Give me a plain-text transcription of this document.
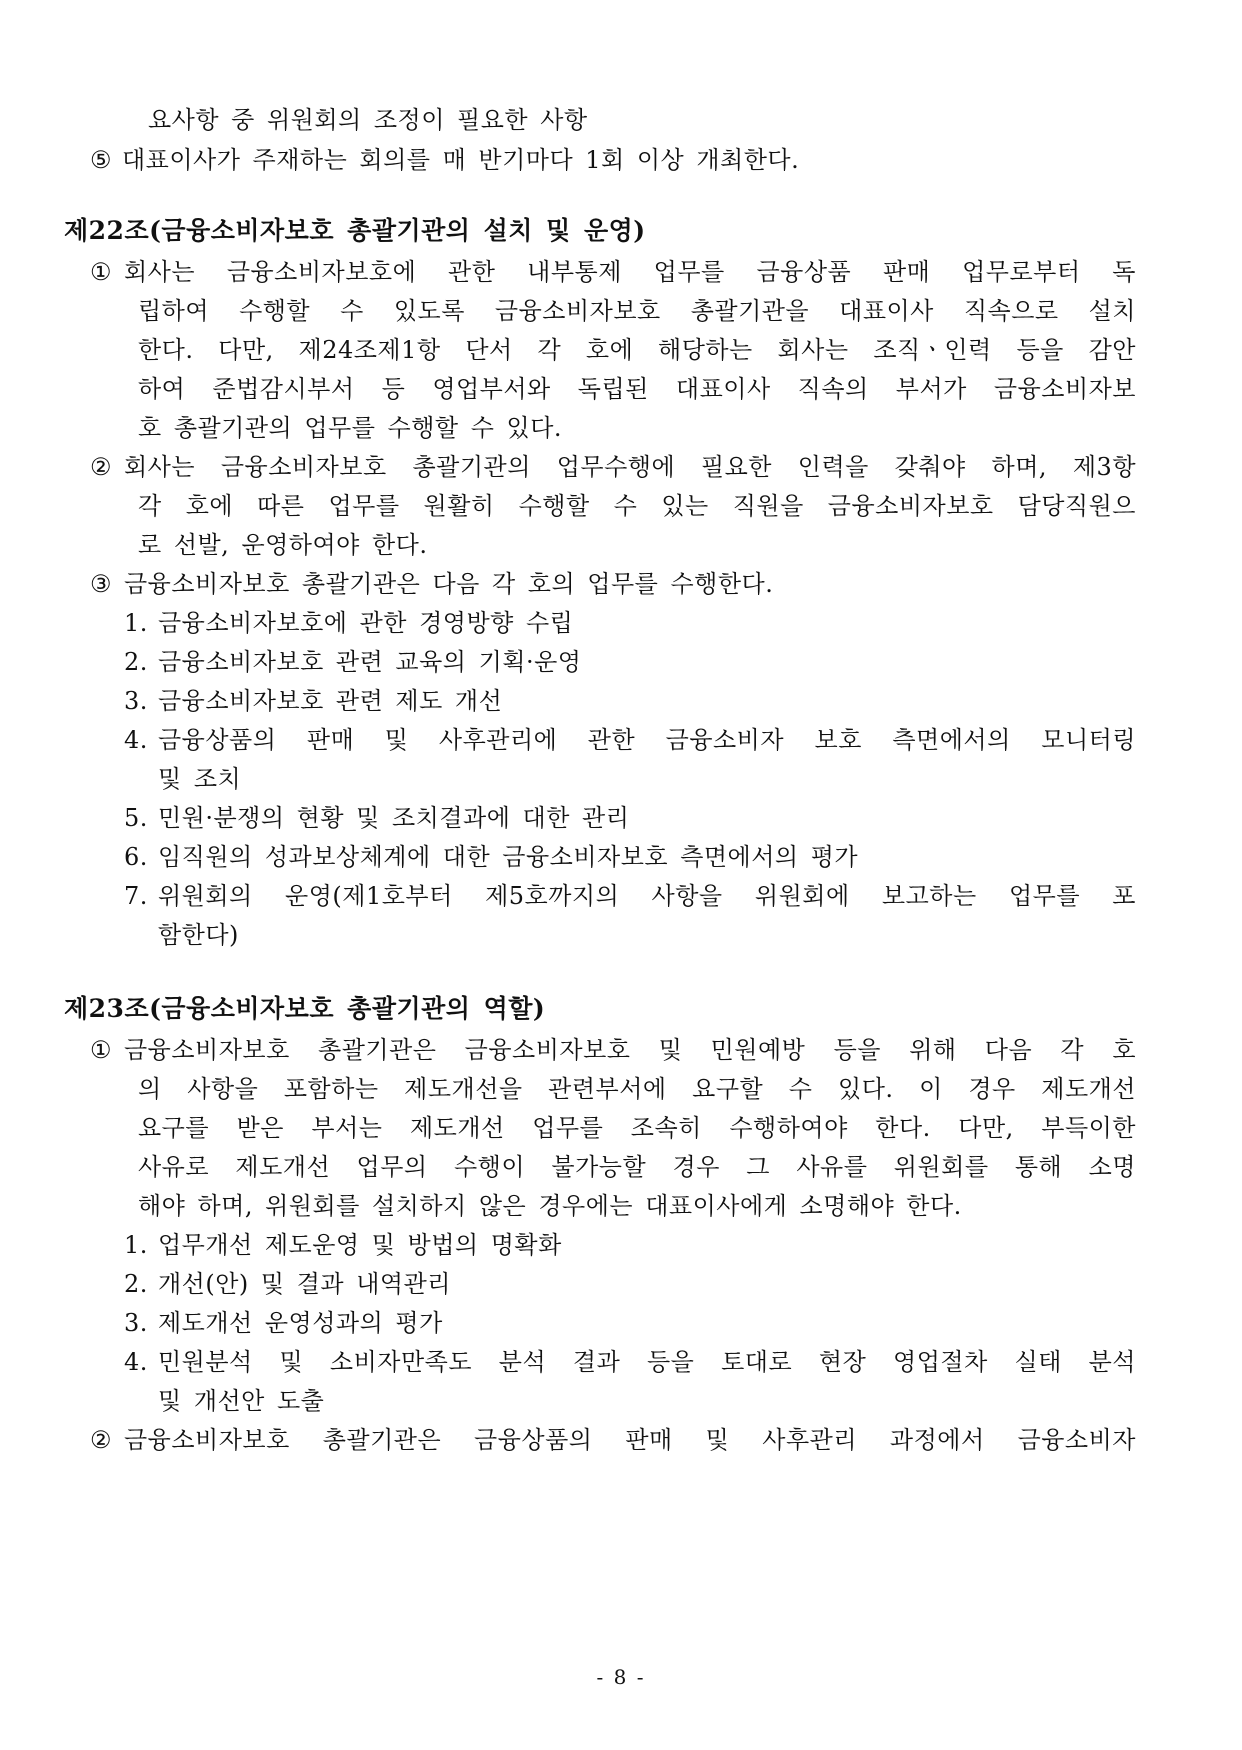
요사항 중 위원회의 조정이 필요한 사항
⑤ 대표이사가 주재하는 회의를 매 반기마다 1회 이상 개최한다.
제22조(금융소비자보호 총괄기관의 설치 및 운영)
① 회사는 금융소비자보호에 관한 내부통제 업무를 금융상품 판매 업무로부터 독
립하여 수행할 수 있도록 금융소비자보호 총괄기관을 대표이사 직속으로 설치
한다. 다만, 제24조제1항 단서 각 호에 해당하는 회사는 조직ㆍ인력 등을 감안
하여 준법감시부서 등 영업부서와 독립된 대표이사 직속의 부서가 금융소비자보
호 총괄기관의 업무를 수행할 수 있다.
② 회사는 금융소비자보호 총괄기관의 업무수행에 필요한 인력을 갖춰야 하며, 제3항
각 호에 따른 업무를 원활히 수행할 수 있는 직원을 금융소비자보호 담당직원으
로 선발, 운영하여야 한다.
③ 금융소비자보호 총괄기관은 다음 각 호의 업무를 수행한다.
1. 금융소비자보호에 관한 경영방향 수립
2. 금융소비자보호 관련 교육의 기획·운영
3. 금융소비자보호 관련 제도 개선
4. 금융상품의 판매 및 사후관리에 관한 금융소비자 보호 측면에서의 모니터링
및 조치
5. 민원·분쟁의 현황 및 조치결과에 대한 관리
6. 임직원의 성과보상체계에 대한 금융소비자보호 측면에서의 평가
7. 위원회의 운영(제1호부터 제5호까지의 사항을 위원회에 보고하는 업무를 포
함한다)
제23조(금융소비자보호 총괄기관의 역할)
① 금융소비자보호 총괄기관은 금융소비자보호 및 민원예방 등을 위해 다음 각 호
의 사항을 포함하는 제도개선을 관련부서에 요구할 수 있다. 이 경우 제도개선
요구를 받은 부서는 제도개선 업무를 조속히 수행하여야 한다. 다만, 부득이한
사유로 제도개선 업무의 수행이 불가능할 경우 그 사유를 위원회를 통해 소명
해야 하며, 위원회를 설치하지 않은 경우에는 대표이사에게 소명해야 한다.
1. 업무개선 제도운영 및 방법의 명확화
2. 개선(안) 및 결과 내역관리
3. 제도개선 운영성과의 평가
4. 민원분석 및 소비자만족도 분석 결과 등을 토대로 현장 영업절차 실태 분석
및 개선안 도출
② 금융소비자보호 총괄기관은 금융상품의 판매 및 사후관리 과정에서 금융소비자
- 8 -
